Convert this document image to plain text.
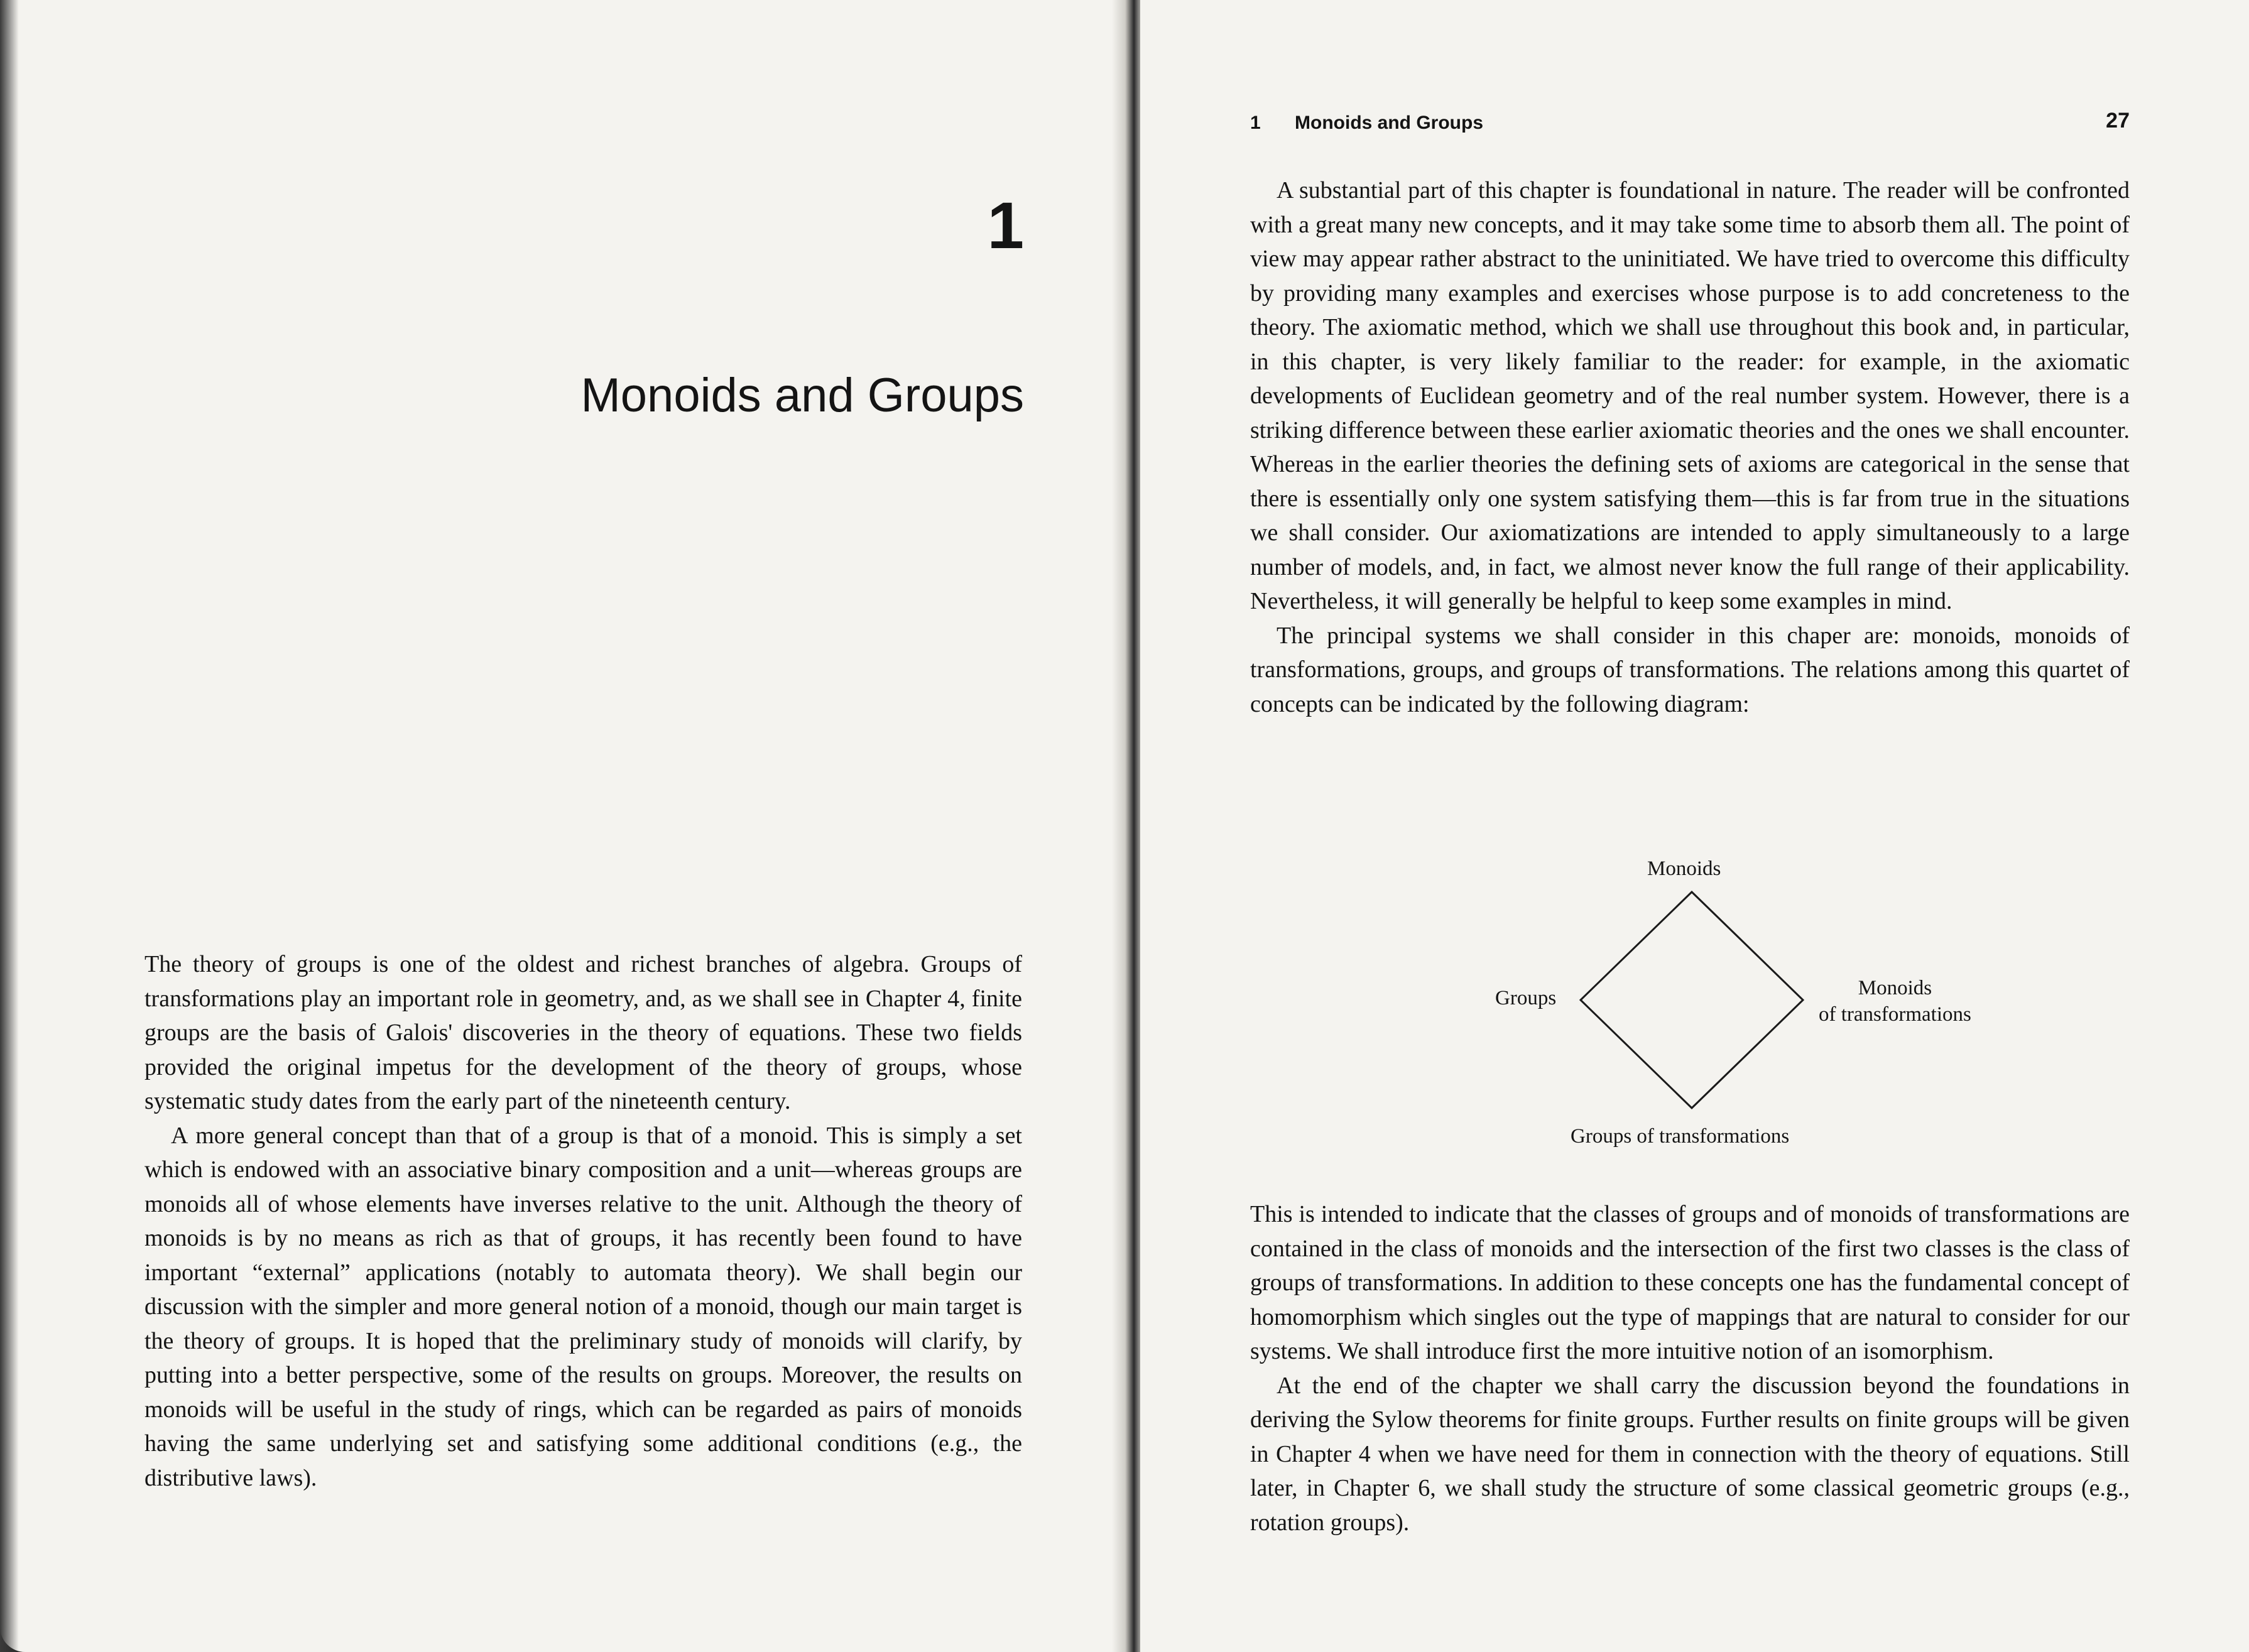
1
Monoids and Groups

The theory of groups is one of the oldest and richest branches of algebra. Groups of transformations play an important role in geometry, and, as we shall see in Chapter 4, finite groups are the basis of Galois' discoveries in the theory of equations. These two fields provided the original impetus for the development of the theory of groups, whose systematic study dates from the early part of the nineteenth century.

A more general concept than that of a group is that of a monoid. This is simply a set which is endowed with an associative binary composition and a unit—whereas groups are monoids all of whose elements have inverses relative to the unit. Although the theory of monoids is by no means as rich as that of groups, it has recently been found to have important “external” applications (notably to automata theory). We shall begin our discussion with the simpler and more general notion of a monoid, though our main target is the theory of groups. It is hoped that the preliminary study of monoids will clarify, by putting into a better perspective, some of the results on groups. Moreover, the results on monoids will be useful in the study of rings, which can be regarded as pairs of monoids having the same underlying set and satisfying some additional conditions (e.g., the distributive laws).

1 Monoids and Groups	27

A substantial part of this chapter is foundational in nature. The reader will be confronted with a great many new concepts, and it may take some time to absorb them all. The point of view may appear rather abstract to the uninitiated. We have tried to overcome this difficulty by providing many examples and exercises whose purpose is to add concreteness to the theory. The axiomatic method, which we shall use throughout this book and, in particular, in this chapter, is very likely familiar to the reader: for example, in the axiomatic developments of Euclidean geometry and of the real number system. However, there is a striking difference between these earlier axiomatic theories and the ones we shall encounter. Whereas in the earlier theories the defining sets of axioms are categorical in the sense that there is essentially only one system satisfying them—this is far from true in the situations we shall consider. Our axiomatizations are intended to apply simultaneously to a large number of models, and, in fact, we almost never know the full range of their applicability. Nevertheless, it will generally be helpful to keep some examples in mind.

The principal systems we shall consider in this chaper are: monoids, monoids of transformations, groups, and groups of transformations. The relations among this quartet of concepts can be indicated by the following diagram:

Monoids
Groups	Monoids
of transformations
Groups of transformations

This is intended to indicate that the classes of groups and of monoids of transformations are contained in the class of monoids and the intersection of the first two classes is the class of groups of transformations. In addition to these concepts one has the fundamental concept of homomorphism which singles out the type of mappings that are natural to consider for our systems. We shall introduce first the more intuitive notion of an isomorphism.

At the end of the chapter we shall carry the discussion beyond the foundations in deriving the Sylow theorems for finite groups. Further results on finite groups will be given in Chapter 4 when we have need for them in connection with the theory of equations. Still later, in Chapter 6, we shall study the structure of some classical geometric groups (e.g., rotation groups).
